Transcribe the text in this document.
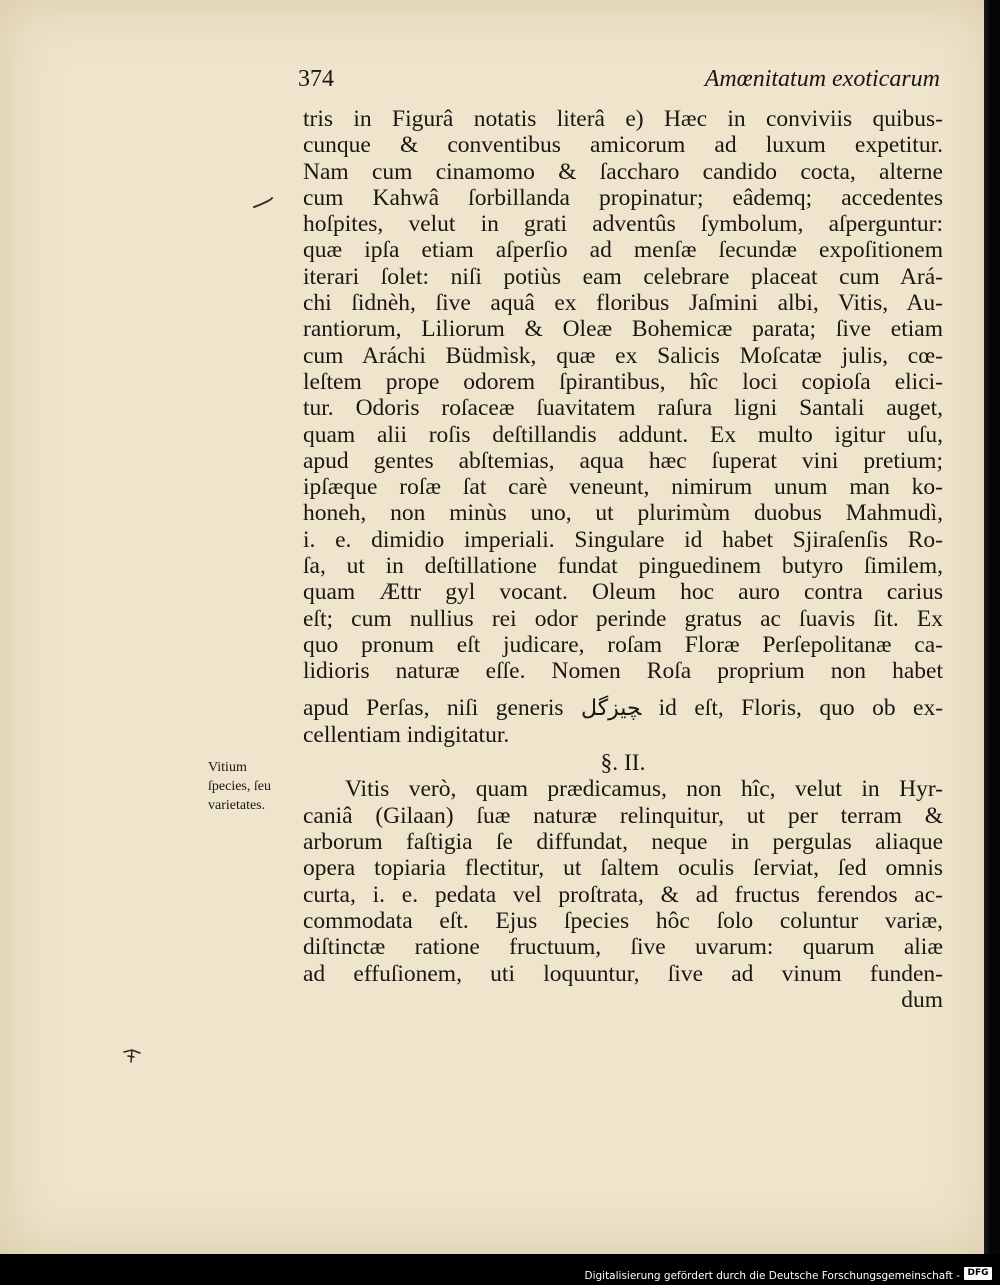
374	Amœnitatum exoticarum
tris in Figurâ notatis literâ e) Hæc in conviviis quibus-
cunque & conventibus amicorum ad luxum expetitur.
Nam cum cinamomo & ſaccharo candido cocta, alterne
cum Kahwâ ſorbillanda propinatur; eâdemq; accedentes
hoſpites, velut in grati adventûs ſymbolum, aſperguntur:
quæ ipſa etiam aſperſio ad menſæ ſecundæ expoſitionem
iterari ſolet: niſi potiùs eam celebrare placeat cum Ará-
chi ſidnèh, ſive aquâ ex floribus Jaſmini albi, Vitis, Au-
rantiorum, Liliorum & Oleæ Bohemicæ parata; ſive etiam
cum Aráchi Büdmìsk, quæ ex Salicis Moſcatæ julis, cœ-
leſtem prope odorem ſpirantibus, hîc loci copioſa elici-
tur. Odoris roſaceæ ſuavitatem raſura ligni Santali auget,
quam alii roſis deſtillandis addunt. Ex multo igitur uſu,
apud gentes abſtemias, aqua hæc ſuperat vini pretium;
ipſæque roſæ ſat carè veneunt, nimirum unum man ko-
honeh, non minùs uno, ut plurimùm duobus Mahmudì,
i. e. dimidio imperiali. Singulare id habet Sjiraſenſis Ro-
ſa, ut in deſtillatione fundat pinguedinem butyro ſimilem,
quam Ættr gyl vocant. Oleum hoc auro contra carius
eſt; cum nullius rei odor perinde gratus ac ſuavis ſit. Ex
quo pronum eſt judicare, roſam Floræ Perſepolitanæ ca-
lidioris naturæ eſſe. Nomen Roſa proprium non habet
apud Perſas, niſi generis ﭽﯿﺰﮔﻞ id eſt, Floris, quo ob ex-
cellentiam indigitatur.
§. II.
Vitis verò, quam prædicamus, non hîc, velut in Hyr-
caniâ (Gilaan) ſuæ naturæ relinquitur, ut per terram &
arborum faſtigia ſe diffundat, neque in pergulas aliaque
opera topiaria flectitur, ut ſaltem oculis ſerviat, ſed omnis
curta, i. e. pedata vel proſtrata, & ad fructus ferendos ac-
commodata eſt. Ejus ſpecies hôc ſolo coluntur variæ,
diſtinctæ ratione fructuum, ſive uvarum: quarum aliæ
ad effuſionem, uti loquuntur, ſive ad vinum funden-
dum
Vitium
ſpecies, ſeu
varietates.
Digitalisierung gefördert durch die Deutsche Forschungsgemeinschaft - DFG
